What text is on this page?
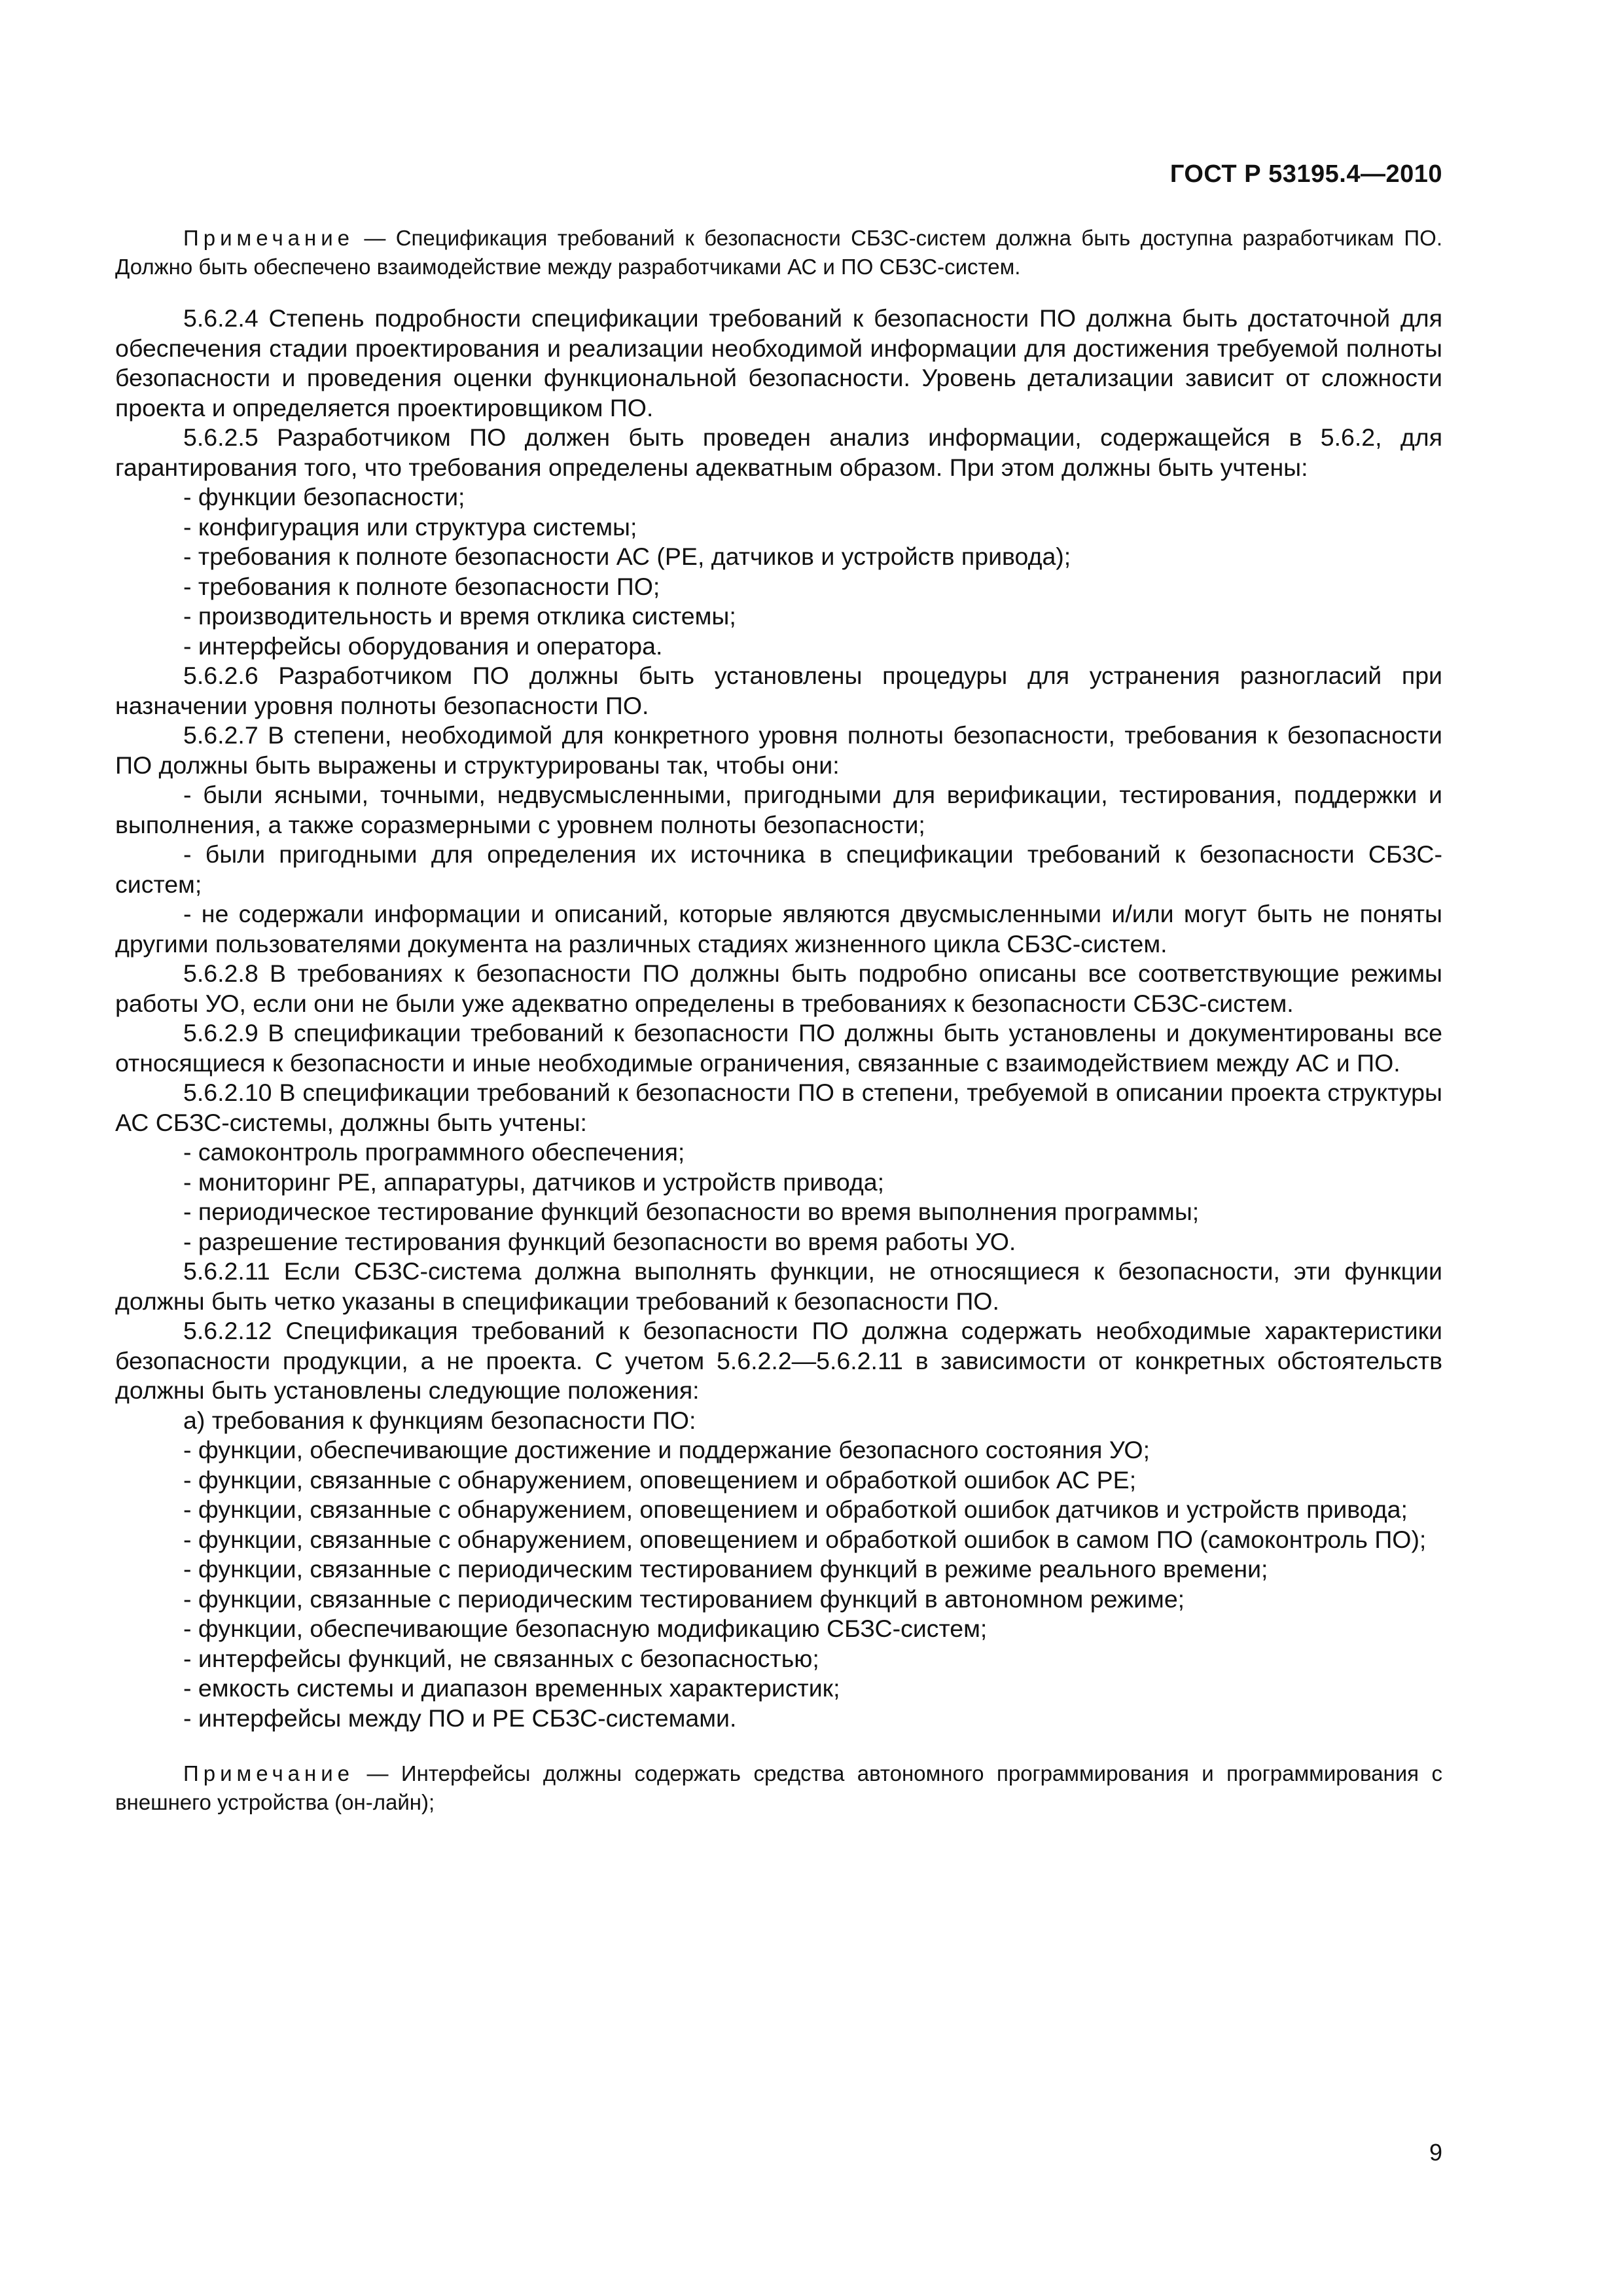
ГОСТ Р 53195.4—2010

Примечание — Спецификация требований к безопасности СБЗС-систем должна быть доступна разработчикам ПО. Должно быть обеспечено взаимодействие между разработчиками АС и ПО СБЗС-систем.

5.6.2.4 Степень подробности спецификации требований к безопасности ПО должна быть достаточной для обеспечения стадии проектирования и реализации необходимой информации для достижения требуемой полноты безопасности и проведения оценки функциональной безопасности. Уровень детализации зависит от сложности проекта и определяется проектировщиком ПО.

5.6.2.5 Разработчиком ПО должен быть проведен анализ информации, содержащейся в 5.6.2, для гарантирования того, что требования определены адекватным образом. При этом должны быть учтены:

- функции безопасности;

- конфигурация или структура системы;

- требования к полноте безопасности АС (РЕ, датчиков и устройств привода);

- требования к полноте безопасности ПО;

- производительность и время отклика системы;

- интерфейсы оборудования и оператора.

5.6.2.6 Разработчиком ПО должны быть установлены процедуры для устранения разногласий при назначении уровня полноты безопасности ПО.

5.6.2.7 В степени, необходимой для конкретного уровня полноты безопасности, требования к безопасности ПО должны быть выражены и структурированы так, чтобы они:

- были ясными, точными, недвусмысленными, пригодными для верификации, тестирования, поддержки и выполнения, а также соразмерными с уровнем полноты безопасности;

- были пригодными для определения их источника в спецификации требований к безопасности СБЗС-систем;

- не содержали информации и описаний, которые являются двусмысленными и/или могут быть не поняты другими пользователями документа на различных стадиях жизненного цикла СБЗС-систем.

5.6.2.8 В требованиях к безопасности ПО должны быть подробно описаны все соответствующие режимы работы УО, если они не были уже адекватно определены в требованиях к безопасности СБЗС-систем.

5.6.2.9 В спецификации требований к безопасности ПО должны быть установлены и документированы все относящиеся к безопасности и иные необходимые ограничения, связанные с взаимодействием между АС и ПО.

5.6.2.10 В спецификации требований к безопасности ПО в степени, требуемой в описании проекта структуры АС СБЗС-системы, должны быть учтены:

- самоконтроль программного обеспечения;

- мониторинг РЕ, аппаратуры, датчиков и устройств привода;

- периодическое тестирование функций безопасности во время выполнения программы;

- разрешение тестирования функций безопасности во время работы УО.

5.6.2.11 Если СБЗС-система должна выполнять функции, не относящиеся к безопасности, эти функции должны быть четко указаны в спецификации требований к безопасности ПО.

5.6.2.12 Спецификация требований к безопасности ПО должна содержать необходимые характеристики безопасности продукции, а не проекта. С учетом 5.6.2.2—5.6.2.11 в зависимости от конкретных обстоятельств должны быть установлены следующие положения:

а) требования к функциям безопасности ПО:

- функции, обеспечивающие достижение и поддержание безопасного состояния УО;

- функции, связанные с обнаружением, оповещением и обработкой ошибок АС РЕ;

- функции, связанные с обнаружением, оповещением и обработкой ошибок датчиков и устройств привода;

- функции, связанные с обнаружением, оповещением и обработкой ошибок в самом ПО (самоконтроль ПО);

- функции, связанные с периодическим тестированием функций в режиме реального времени;

- функции, связанные с периодическим тестированием функций в автономном режиме;

- функции, обеспечивающие безопасную модификацию СБЗС-систем;

- интерфейсы функций, не связанных с безопасностью;

- емкость системы и диапазон временных характеристик;

- интерфейсы между ПО и РЕ СБЗС-системами.

Примечание — Интерфейсы должны содержать средства автономного программирования и программирования с внешнего устройства (он-лайн);

9
